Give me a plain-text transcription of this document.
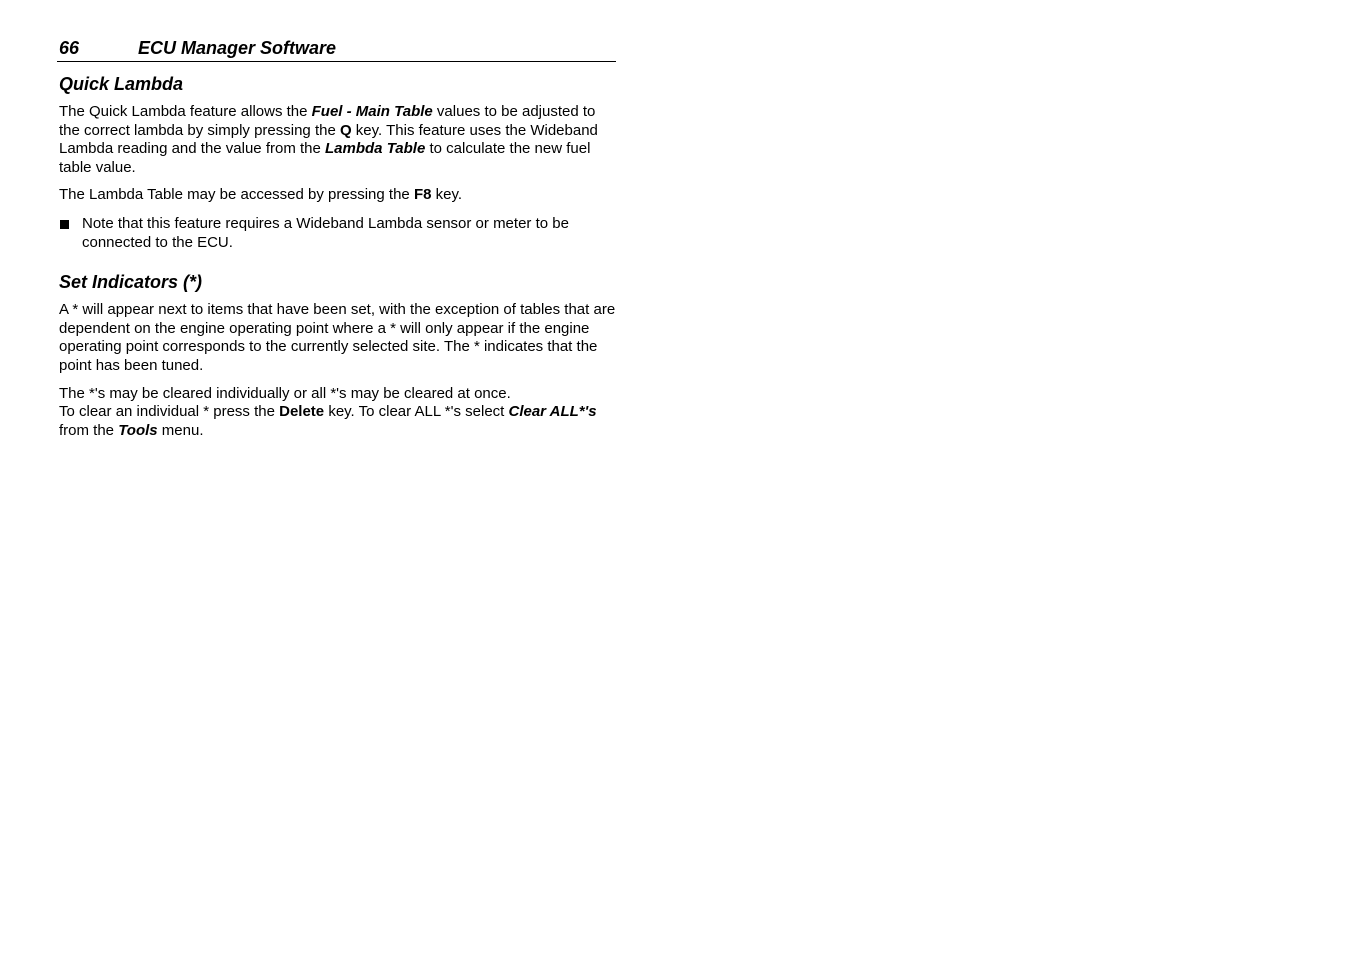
66	ECU Manager Software
Quick Lambda

The Quick Lambda feature allows the Fuel - Main Table values to be adjusted to the correct lambda by simply pressing the Q key. This feature uses the Wideband Lambda reading and the value from the Lambda Table to calculate the new fuel table value.

The Lambda Table may be accessed by pressing the F8 key.

Note that this feature requires a Wideband Lambda sensor or meter to be connected to the ECU.
Set Indicators (*)

A * will appear next to items that have been set, with the exception of tables that are dependent on the engine operating point where a * will only appear if the engine operating point corresponds to the currently selected site. The * indicates that the point has been tuned.

The *'s may be cleared individually or all *'s may be cleared at once.
To clear an individual * press the Delete key. To clear ALL *'s select Clear ALL*'s from the Tools menu.
